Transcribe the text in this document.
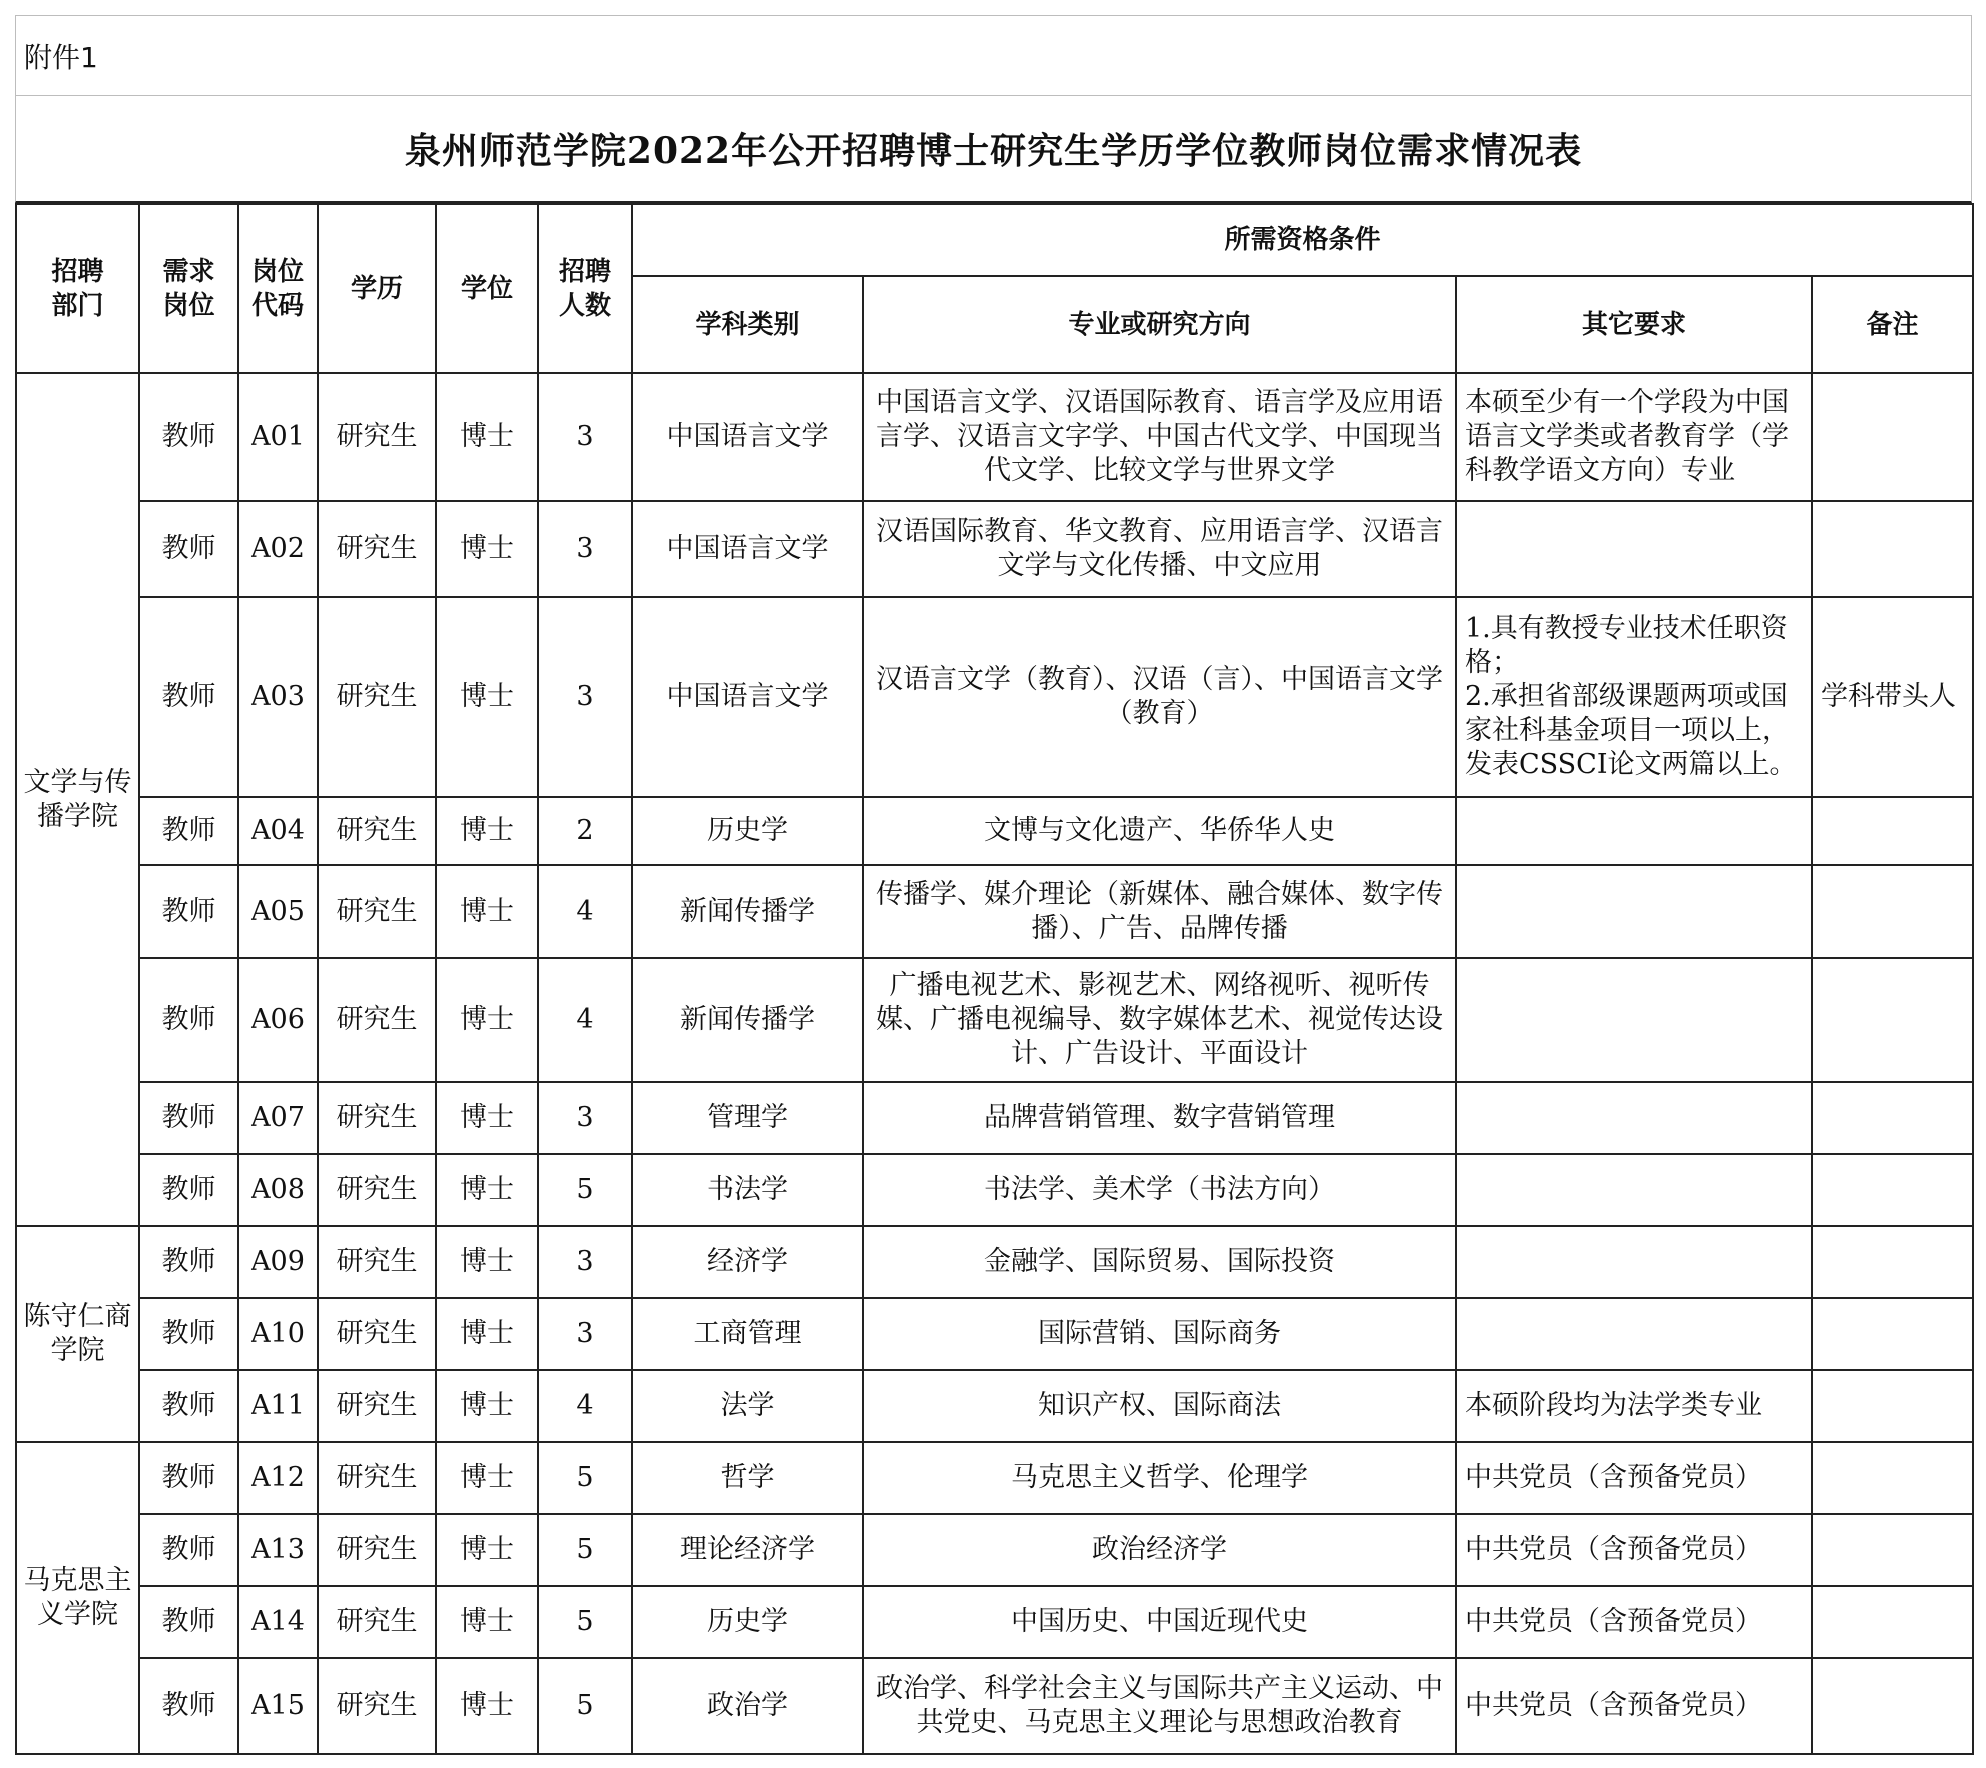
附件1
泉州师范学院2022年公开招聘博士研究生学历学位教师岗位需求情况表
招聘部门	需求岗位	岗位代码	学历	学位	招聘人数	所需资格条件			
						学科类别	专业或研究方向	其它要求	备注
文学与传播学院	教师	A01	研究生	博士	3	中国语言文学	中国语言文学、汉语国际教育、语言学及应用语言学、汉语言文字学、中国古代文学、中国现当代文学、比较文学与世界文学	本硕至少有一个学段为中国语言文学类或者教育学（学科教学语文方向）专业	
	教师	A02	研究生	博士	3	中国语言文学	汉语国际教育、华文教育、应用语言学、汉语言文学与文化传播、中文应用		
	教师	A03	研究生	博士	3	中国语言文学	汉语言文学（教育）、汉语（言）、中国语言文学（教育）	1.具有教授专业技术任职资格；
2.承担省部级课题两项或国家社科基金项目一项以上，发表CSSCI论文两篇以上。	学科带头人
	教师	A04	研究生	博士	2	历史学	文博与文化遗产、华侨华人史		
	教师	A05	研究生	博士	4	新闻传播学	传播学、媒介理论（新媒体、融合媒体、数字传播）、广告、品牌传播		
	教师	A06	研究生	博士	4	新闻传播学	广播电视艺术、影视艺术、网络视听、视听传媒、广播电视编导、数字媒体艺术、视觉传达设计、广告设计、平面设计		
	教师	A07	研究生	博士	3	管理学	品牌营销管理、数字营销管理		
	教师	A08	研究生	博士	5	书法学	书法学、美术学（书法方向）		
陈守仁商学院	教师	A09	研究生	博士	3	经济学	金融学、国际贸易、国际投资		
	教师	A10	研究生	博士	3	工商管理	国际营销、国际商务		
	教师	A11	研究生	博士	4	法学	知识产权、国际商法	本硕阶段均为法学类专业	
马克思主义学院	教师	A12	研究生	博士	5	哲学	马克思主义哲学、伦理学	中共党员（含预备党员）	
	教师	A13	研究生	博士	5	理论经济学	政治经济学	中共党员（含预备党员）	
	教师	A14	研究生	博士	5	历史学	中国历史、中国近现代史	中共党员（含预备党员）	
	教师	A15	研究生	博士	5	政治学	政治学、科学社会主义与国际共产主义运动、中共党史、马克思主义理论与思想政治教育	中共党员（含预备党员）	
